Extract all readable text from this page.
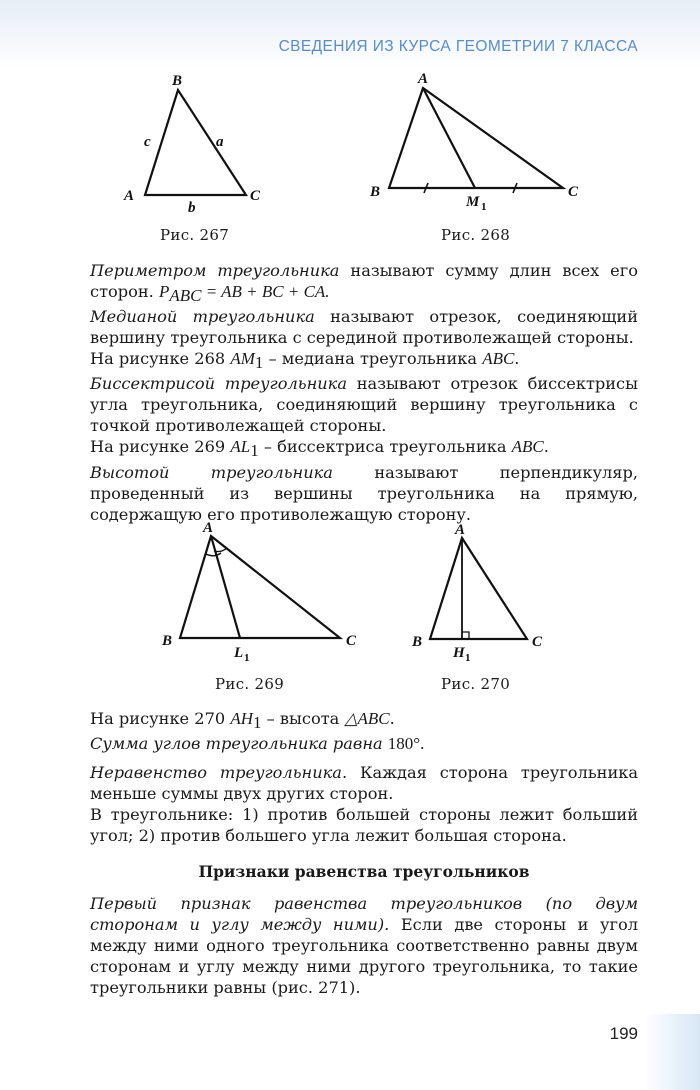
СВЕДЕНИЯ ИЗ КУРСА ГЕОМЕТРИИ 7 КЛАССА
B
A	C
c	a
b
Рис. 267
A
B	C
M 1
Рис. 268

Периметром треугольника называют сумму длин всех его сторон. $P_{ABC}$ = AB + BC + CA.

Медианой треугольника называют отрезок, соединяющий вершину треугольника с серединой противолежащей стороны.

На рисунке 268 $AM_1$ – медиана треугольника ABC.

Биссектрисой треугольника называют отрезок биссектрисы угла треугольника, соединяющий вершину треугольника с точкой противолежащей стороны.

На рисунке 269 $AL_1$ – биссектриса треугольника ABC.

Высотой треугольника называют перпендикуляр, проведенный из вершины треугольника на прямую, содержащую его противолежащую сторону.

A
B	C
L 1
Рис. 269
A
B	C
H 1
Рис. 270

На рисунке 270 $AH_1$ – высота △ABC.

Сумма углов треугольника равна 180°.

Неравенство треугольника. Каждая сторона треугольника меньше суммы двух других сторон.

В треугольнике: 1) против большей стороны лежит больший угол; 2) против большего угла лежит большая сторона.

Признаки равенства треугольников

Первый признак равенства треугольников (по двум сторонам и углу между ними). Если две стороны и угол между ними одного треугольника соответственно равны двум сторонам и углу между ними другого треугольника, то такие треугольники равны (рис. 271).

199
